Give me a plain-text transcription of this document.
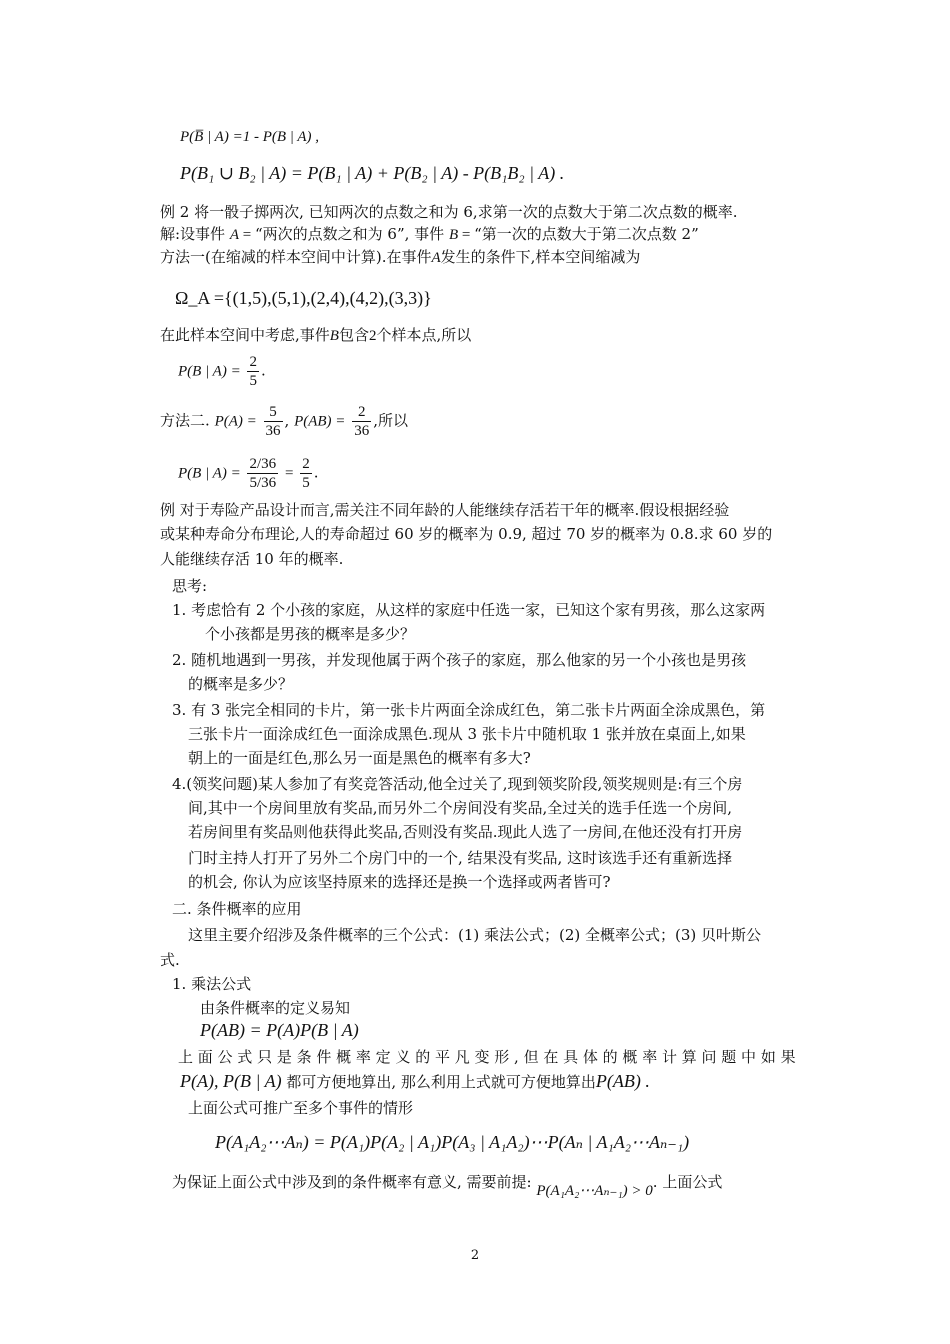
P(B̅ | A) =1 - P(B | A) ,
P(B₁ ∪ B₂ | A) = P(B₁ | A) + P(B₂ | A) - P(B₁B₂ | A) .
例 2 将一骰子掷两次, 已知两次的点数之和为 6,求第一次的点数大于第二次点数的概率.
解:设事件 A = “两次的点数之和为 6”, 事件 B = “第一次的点数大于第二次点数 2”
方法一(在缩减的样本空间中计算).在事件A发生的条件下,样本空间缩减为
Ω_A ={(1,5),(5,1),(2,4),(4,2),(3,3)}
在此样本空间中考虑,事件B包含2个样本点,所以
P(B | $A) = \frac{2}{5}$ .
方法二. $P(A) = \frac{5}{36}$ , $P(AB) = \frac{2}{36}$ ,所以
P(B | $A) = \frac{2/36}{5/36} = \frac{2}{5}$ .
例 对于寿险产品设计而言,需关注不同年龄的人能继续存活若干年的概率.假设根据经验
或某种寿命分布理论,人的寿命超过 60 岁的概率为 0.9, 超过 70 岁的概率为 0.8.求 60 岁的
人能继续存活 10 年的概率.
思考:
1. 考虑恰有 2 个小孩的家庭，从这样的家庭中任选一家，已知这个家有男孩，那么这家两
个小孩都是男孩的概率是多少？
2. 随机地遇到一男孩，并发现他属于两个孩子的家庭，那么他家的另一个小孩也是男孩
的概率是多少？
3. 有 3 张完全相同的卡片，第一张卡片两面全涂成红色，第二张卡片两面全涂成黑色，第
三张卡片一面涂成红色一面涂成黑色.现从 3 张卡片中随机取 1 张并放在桌面上,如果
朝上的一面是红色,那么另一面是黑色的概率有多大?
4.(领奖问题)某人参加了有奖竞答活动,他全过关了,现到领奖阶段,领奖规则是:有三个房
间,其中一个房间里放有奖品,而另外二个房间没有奖品,全过关的选手任选一个房间,
若房间里有奖品则他获得此奖品,否则没有奖品.现此人选了一房间,在他还没有打开房
门时主持人打开了另外二个房门中的一个, 结果没有奖品, 这时该选手还有重新选择
的机会, 你认为应该坚持原来的选择还是换一个选择或两者皆可?
二. 条件概率的应用
这里主要介绍涉及条件概率的三个公式：(1) 乘法公式；(2) 全概率公式；(3) 贝叶斯公
式.
1. 乘法公式
由条件概率的定义易知
P(AB) = P(A)P(B | A)
上 面 公 式 只 是 条 件 概 率 定 义 的 平 凡 变 形 , 但 在 具 体 的 概 率 计 算 问 题 中 如 果
P(A), P(B | A) 都可方便地算出, 那么利用上式就可方便地算出P(AB) .
上面公式可推广至多个事件的情形
P(A₁A₂⋯Aₙ) = P(A₁)P(A₂ | A₁)P(A₃ | A₁A₂)⋯P(Aₙ | A₁A₂⋯Aₙ₋₁)
为保证上面公式中涉及到的条件概率有意义, 需要前提: P(A₁A₂⋯Aₙ₋₁) > 0. 上面公式
2
